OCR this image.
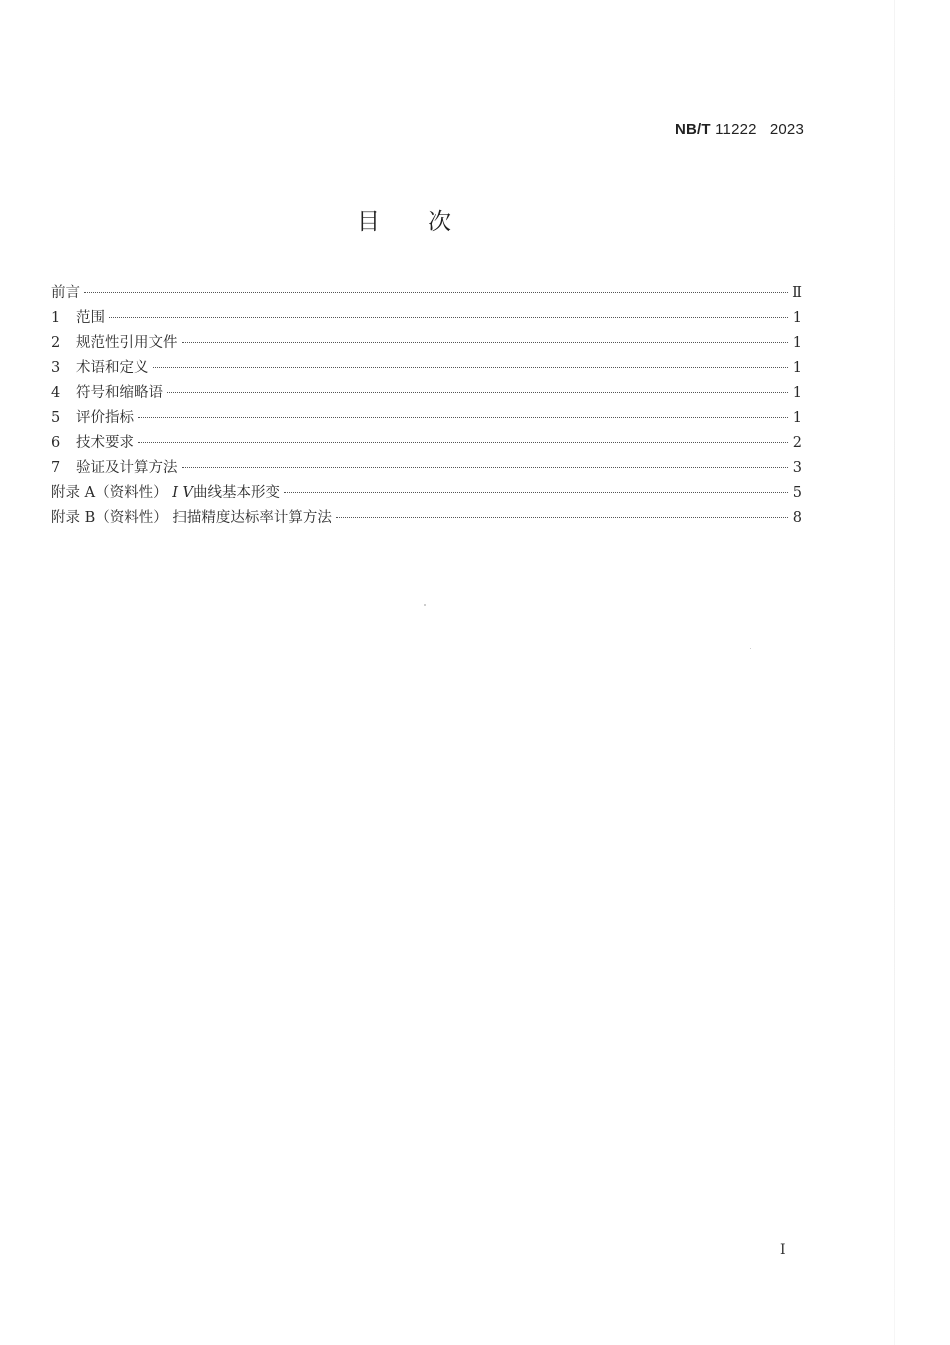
NB/T 11222   2023
目次
前言	Ⅱ
1	范围	1
2	规范性引用文件	1
3	术语和定义	1
4	符号和缩略语	1
5	评价指标	1
6	技术要求	2
7	验证及计算方法	3
附录 A（资料性） I V曲线基本形变	5
附录 B（资料性） 扫描精度达标率计算方法	8
I
